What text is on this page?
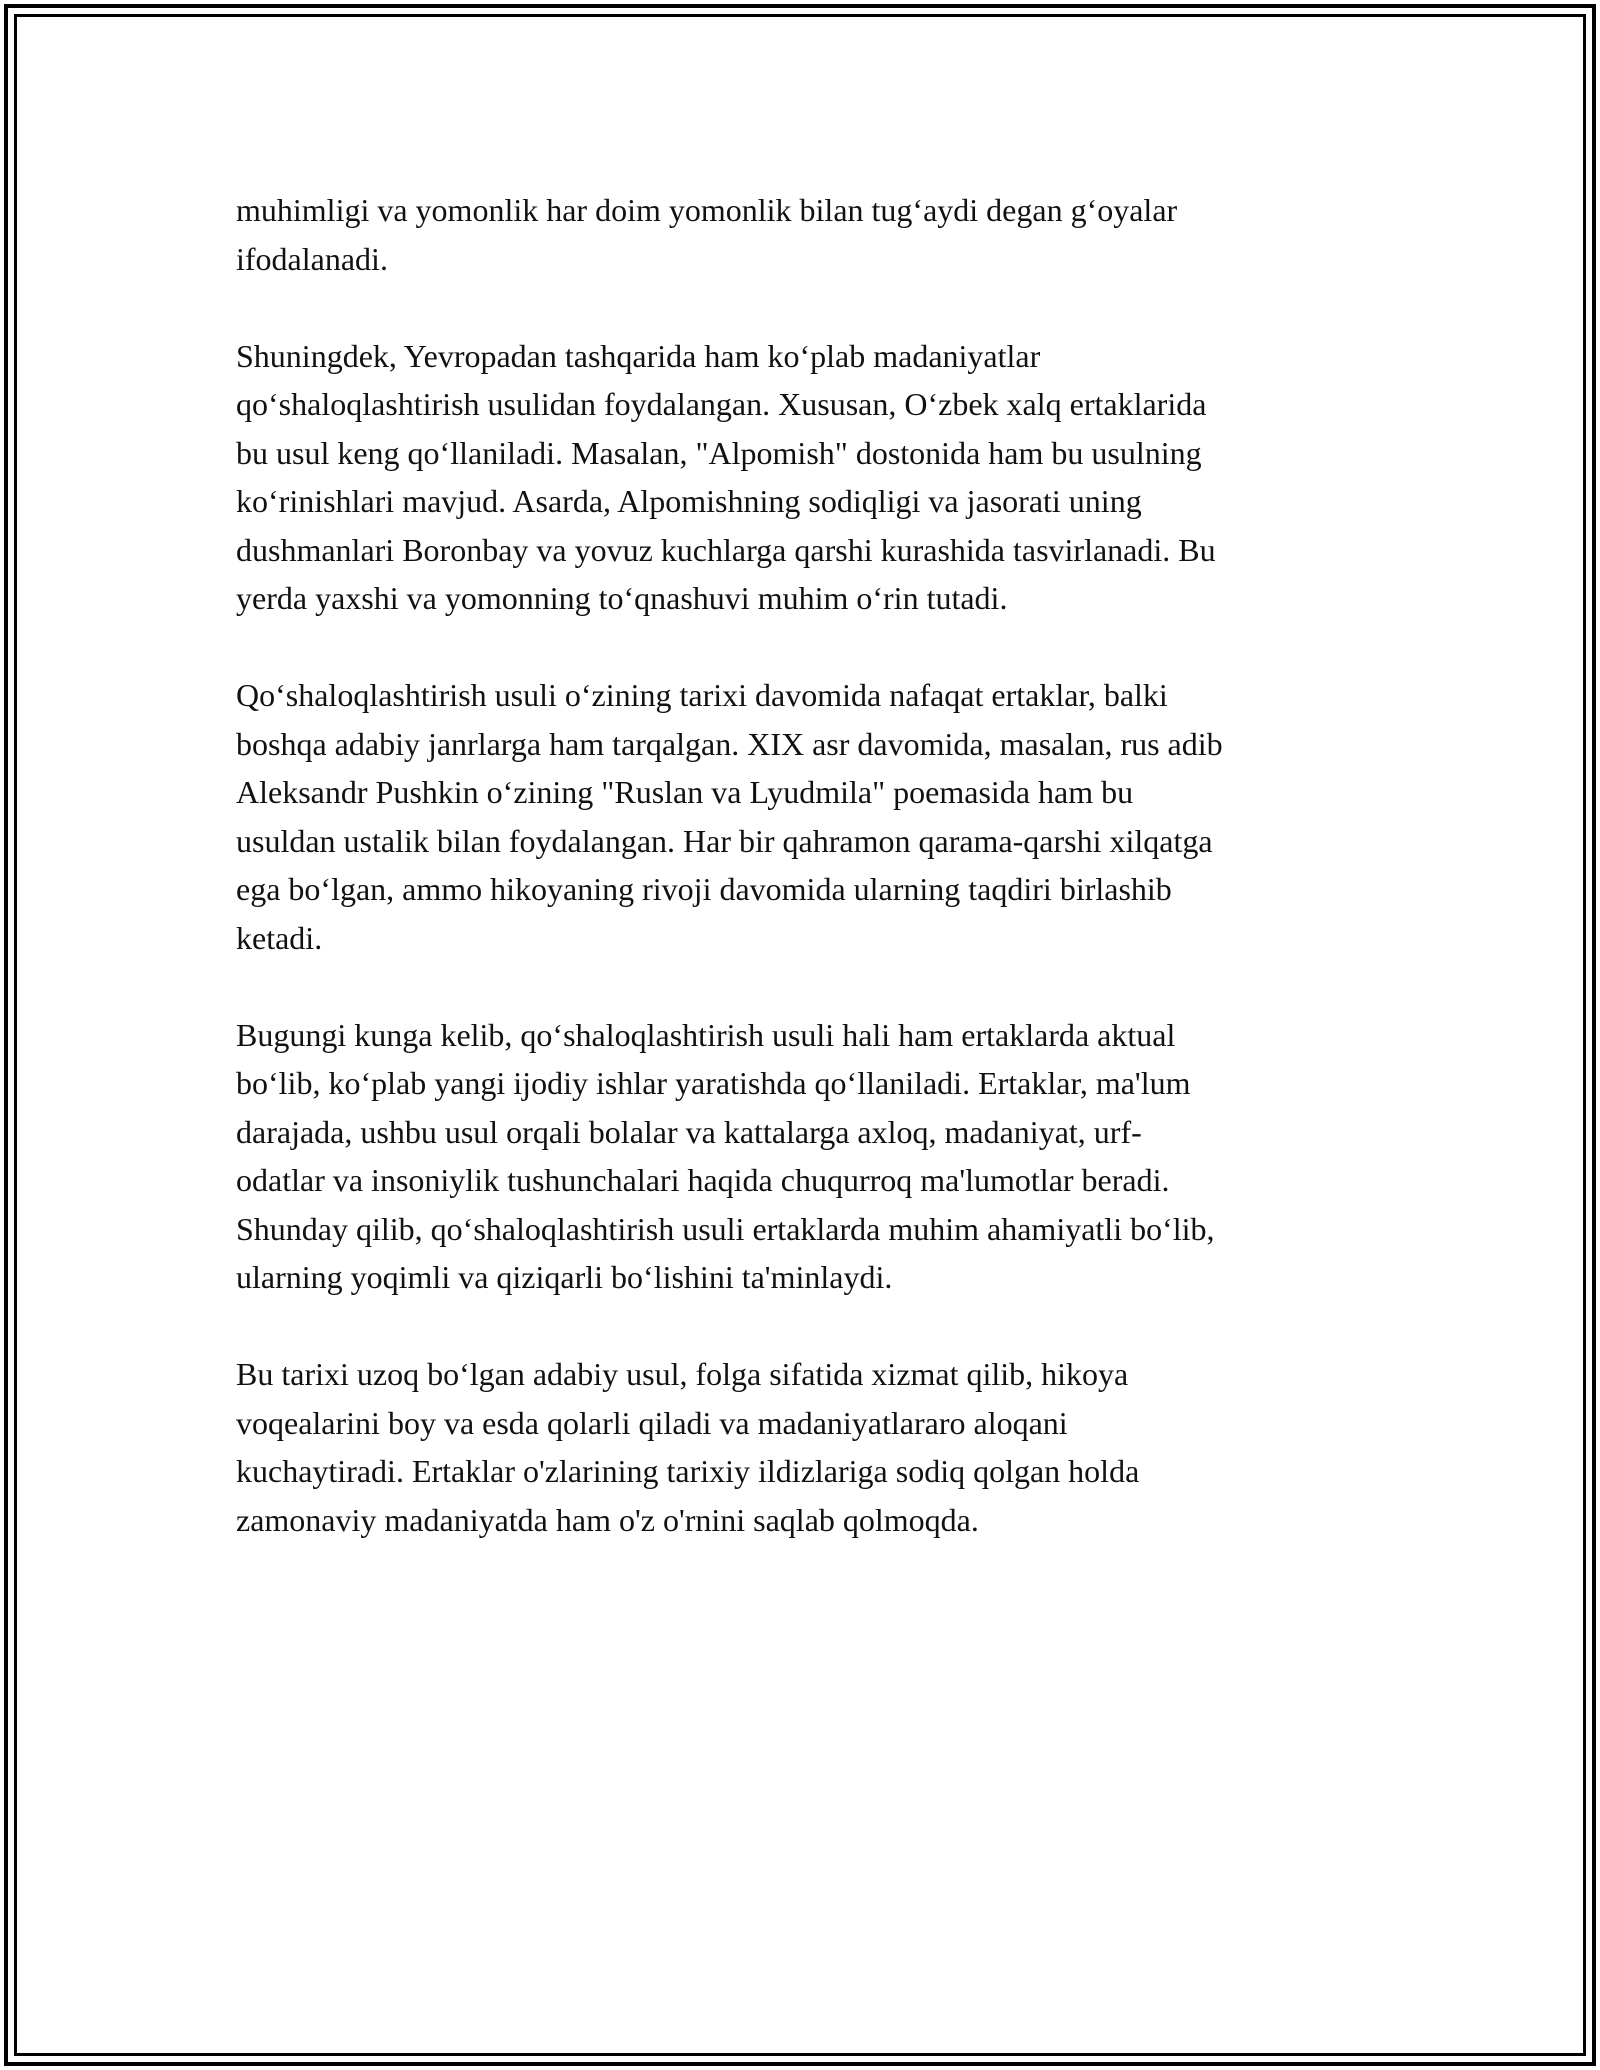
muhimligi va yomonlik har doim yomonlik bilan tug‘aydi degan g‘oyalar
ifodalanadi.

Shuningdek, Yevropadan tashqarida ham ko‘plab madaniyatlar
qo‘shaloqlashtirish usulidan foydalangan. Xususan, O‘zbek xalq ertaklarida
bu usul keng qo‘llaniladi. Masalan, "Alpomish" dostonida ham bu usulning
ko‘rinishlari mavjud. Asarda, Alpomishning sodiqligi va jasorati uning
dushmanlari Boronbay va yovuz kuchlarga qarshi kurashida tasvirlanadi. Bu
yerda yaxshi va yomonning to‘qnashuvi muhim o‘rin tutadi.

Qo‘shaloqlashtirish usuli o‘zining tarixi davomida nafaqat ertaklar, balki
boshqa adabiy janrlarga ham tarqalgan. XIX asr davomida, masalan, rus adib
Aleksandr Pushkin o‘zining "Ruslan va Lyudmila" poemasida ham bu
usuldan ustalik bilan foydalangan. Har bir qahramon qarama-qarshi xilqatga
ega bo‘lgan, ammo hikoyaning rivoji davomida ularning taqdiri birlashib
ketadi.

Bugungi kunga kelib, qo‘shaloqlashtirish usuli hali ham ertaklarda aktual
bo‘lib, ko‘plab yangi ijodiy ishlar yaratishda qo‘llaniladi. Ertaklar, ma'lum
darajada, ushbu usul orqali bolalar va kattalarga axloq, madaniyat, urf-
odatlar va insoniylik tushunchalari haqida chuqurroq ma'lumotlar beradi.
Shunday qilib, qo‘shaloqlashtirish usuli ertaklarda muhim ahamiyatli bo‘lib,
ularning yoqimli va qiziqarli bo‘lishini ta'minlaydi.

Bu tarixi uzoq bo‘lgan adabiy usul, folga sifatida xizmat qilib, hikoya
voqealarini boy va esda qolarli qiladi va madaniyatlararo aloqani
kuchaytiradi. Ertaklar o'zlarining tarixiy ildizlariga sodiq qolgan holda
zamonaviy madaniyatda ham o'z o'rnini saqlab qolmoqda.
